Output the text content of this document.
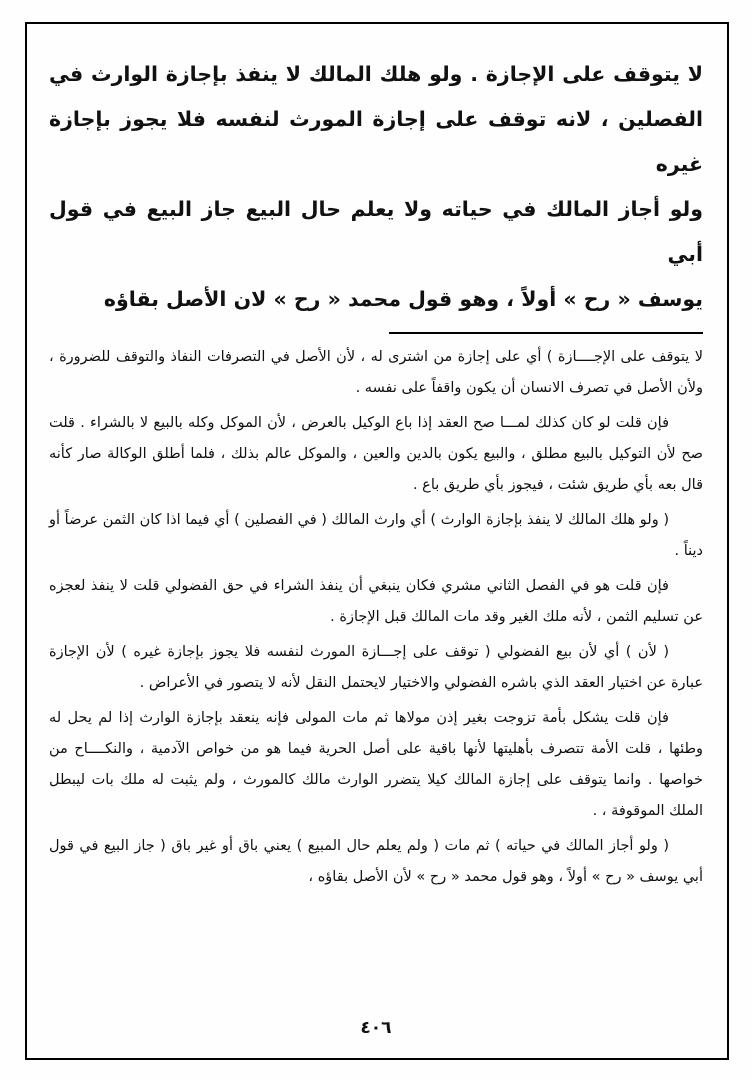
لا يتوقف على الإجازة . ولو هلك المالك لا ينفذ بإجازة الوارث في
الفصلين ، لانه توقف على إجازة المورث لنفسه فلا يجوز بإجازة غيره
ولو أجاز المالك في حياته ولا يعلم حال البيع جاز البيع في قول أبي
يوسف « رح » أولاً ، وهو قول محمد « رح » لان الأصل بقاؤه

لا يتوقف على الإجــــازة ) أي على إجازة من اشترى له ، لأن الأصل في التصرفات النفاذ والتوقف للضرورة ، ولأن الأصل في تصرف الانسان أن يكون واقفاً على نفسه .

فإن قلت لو كان كذلك لمـــا صح العقد إذا باع الوكيل بالعرض ، لأن الموكل وكله بالبيع لا بالشراء . قلت صح لأن التوكيل بالبيع مطلق ، والبيع يكون بالدين والعين ، والموكل عالم بذلك ، فلما أطلق الوكالة صار كأنه قال بعه بأي طريق شئت ، فيجوز بأي طريق باع .

( ولو هلك المالك لا ينفذ بإجازة الوارث ) أي وارث المالك ( في الفصلين ) أي فيما اذا كان الثمن عرضاً أو ديناً .

فإن قلت هو في الفصل الثاني مشري فكان ينبغي أن ينفذ الشراء في حق الفضولي قلت لا ينفذ لعجزه عن تسليم الثمن ، لأنه ملك الغير وقد مات المالك قبل الإجازة .

( لأن ) أي لأن بيع الفضولي ( توقف على إجـــازة المورث لنفسه فلا يجوز بإجازة غيره ) لأن الإجازة عبارة عن اختيار العقد الذي باشره الفضولي والاختيار لايحتمل النقل لأنه لا يتصور في الأعراض .

فإن قلت يشكل بأمة تزوجت بغير إذن مولاها ثم مات المولى فإنه ينعقد بإجازة الوارث إذا لم يحل له وطئها ، قلت الأمة تتصرف بأهليتها لأنها باقية على أصل الحرية فيما هو من خواص الآدمية ، والنكــــاح من خواصها . وانما يتوقف على إجازة المالك كيلا يتضرر الوارث مالك كالمورث ، ولم يثبت له ملك بات ليبطل الملك الموقوفة ، .

( ولو أجاز المالك في حياته ) ثم مات ( ولم يعلم حال المبيع ) يعني باق أو غير باق ( جاز البيع في قول أبي يوسف « رح » أولاً ، وهو قول محمد « رح » لأن الأصل بقاؤه ،

٤٠٦
